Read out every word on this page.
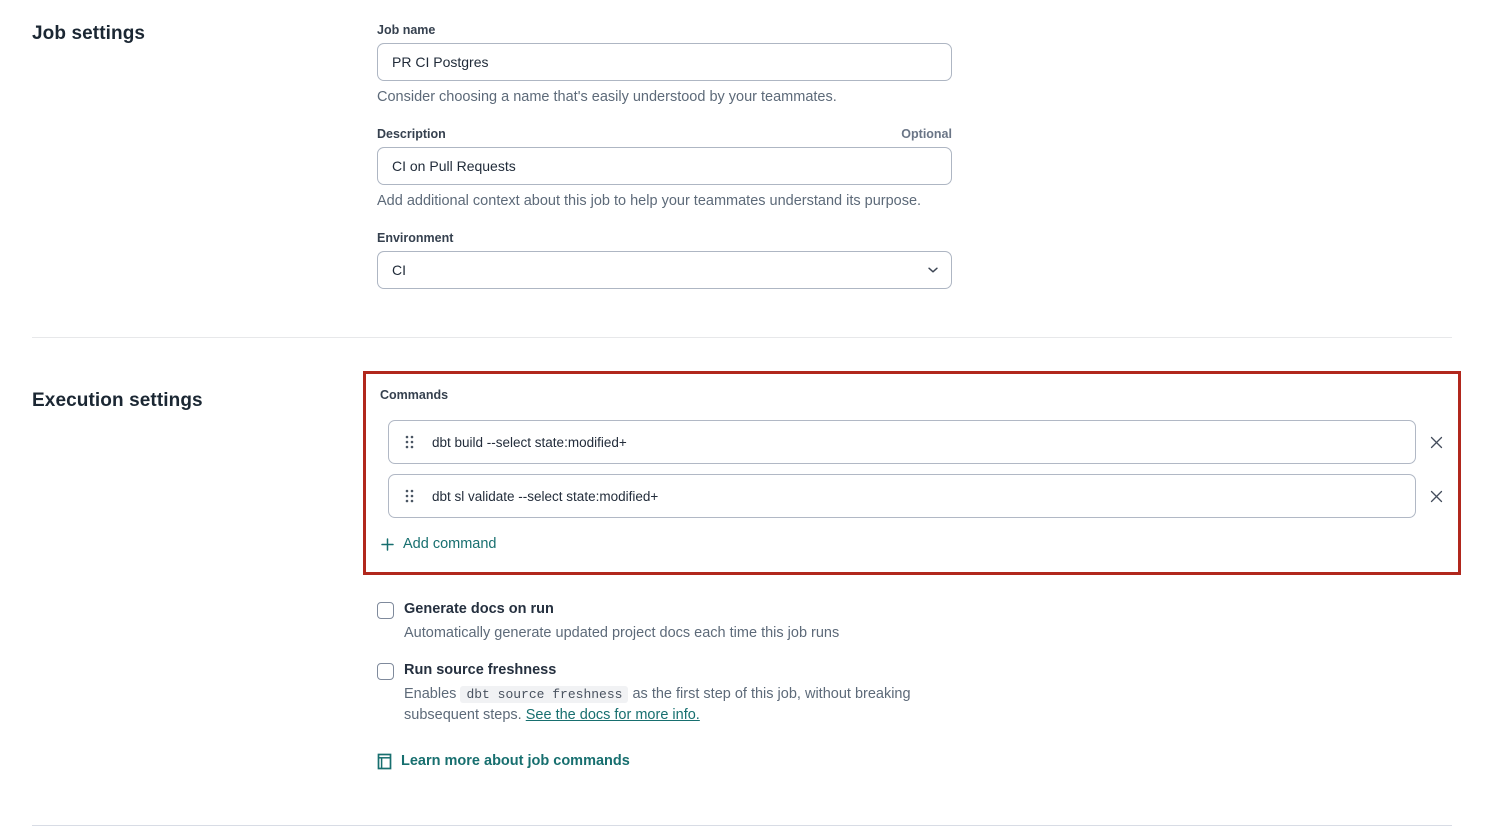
Job settings	Job name
PR CI Postgres
Consider choosing a name that's easily understood by your teammates.
Description	Optional
CI on Pull Requests
Add additional context about this job to help your teammates understand its purpose.
Environment
CI
Execution settings	Commands
dbt build --select state:modified+
dbt sl validate --select state:modified+
Add command
Generate docs on run
Automatically generate updated project docs each time this job runs
Run source freshness
Enables dbt source freshness as the first step of this job, without breaking subsequent steps. See the docs for more info.
Learn more about job commands
